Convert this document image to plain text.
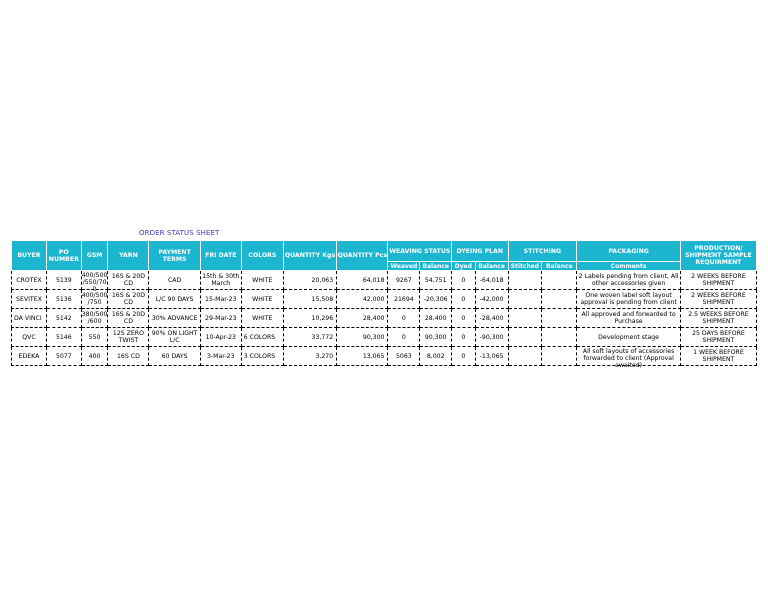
ORDER STATUS SHEET
BUYER	PO NUMBER	GSM	YARN	PAYMENT TERMS	FRI DATE	COLORS	QUANTITY Kgs	QUANTITY Pcs	WEAVING STATUS		DYEING PLAN		STITCHING		PACKAGING	PRODUCTION/ SHIPMENT SAMPLE REQUIRMENT
									Weaved	Balance	Dyed	Balance	Stitched	Balance	Comments	
CROTEX	5139	400/500 /550/70 0	16S & 20D CD	CAD	15th & 30th March	WHITE	20,063	64,018	9267	54,751	0	-64,018			2 Labels pending from client, All other accessories given	2 WEEKS BEFORE SHIPMENT
SEVITEX	5136	400/500 /750	16S & 20D CD	L/C 90 DAYS	15-Mar-23	WHITE	15,508	42,000	21694	-20,306	0	-42,000			One woven label soft layout approval is pending from client	2 WEEKS BEFORE SHIPMENT
DA VINCI	5142	380/500 /600	16S & 20D CD	30% ADVANCE	29-Mar-23	WHITE	10,296	28,400	0	28,400	0	-28,400			All approved and forwarded to Purchase	2.5 WEEKS BEFORE SHIPMENT
QVC	5146	550	12S ZERO TWIST	90% ON LIGHT L/C	10-Apr-23	6 COLORS	33,772	90,300	0	90,300	0	-90,300			Development stage	25 DAYS BEFORE SHIPMENT
EDEKA	5077	400	16S CD	60 DAYS	3-Mar-23	3 COLORS	3,270	13,065	5063	8,002	0	-13,065			All soft layouts of accessories forwarded to client (Approval awaited)	1 WEEK BEFORE SHIPMENT
